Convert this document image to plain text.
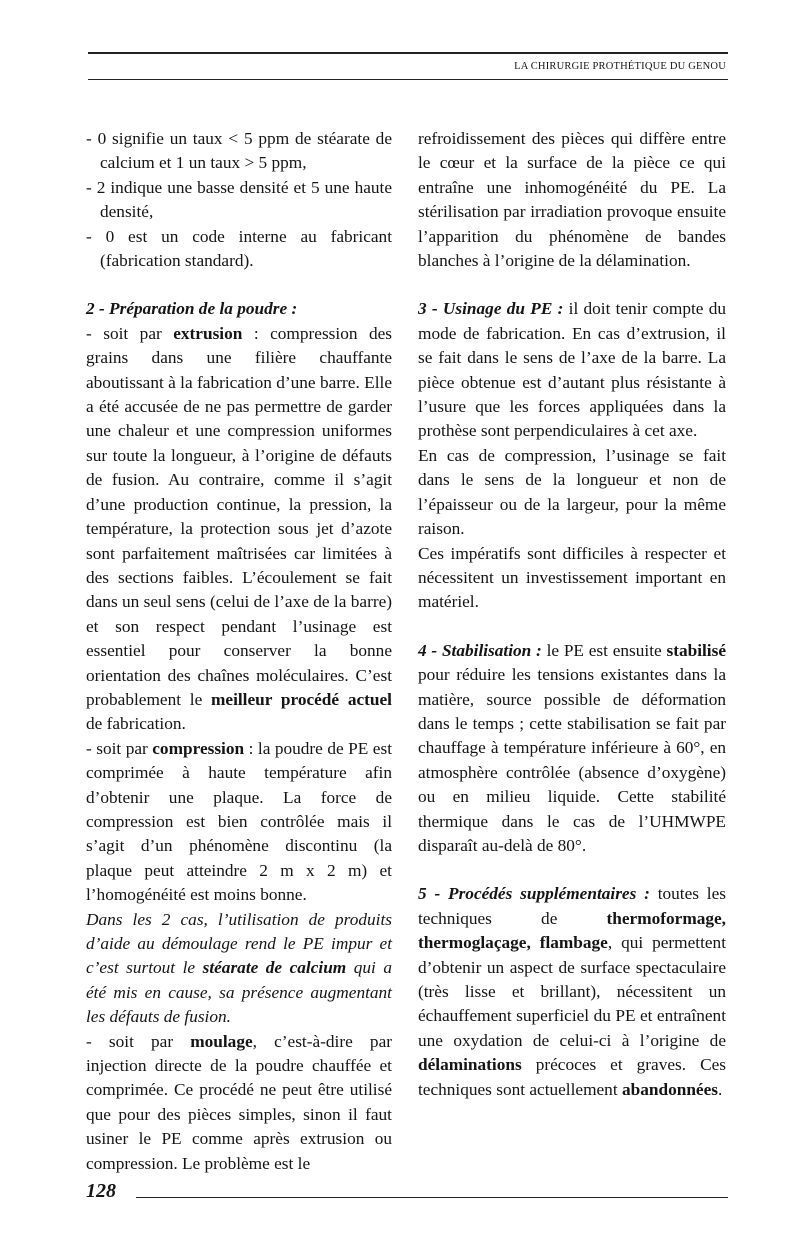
LA CHIRURGIE PROTHÉTIQUE DU GENOU

- 0 signifie un taux < 5 ppm de stéarate de calcium et 1 un taux > 5 ppm,

- 2 indique une basse densité et 5 une haute densité,

- 0 est un code interne au fabricant (fabrication standard).

2 - Préparation de la poudre :

- soit par extrusion : compression des grains dans une filière chauffante aboutissant à la fabrication d’une barre. Elle a été accusée de ne pas permettre de garder une chaleur et une compression uniformes sur toute la longueur, à l’origine de défauts de fusion. Au contraire, comme il s’agit d’une production continue, la pression, la température, la protection sous jet d’azote sont parfaitement maîtrisées car limitées à des sections faibles. L’écoulement se fait dans un seul sens (celui de l’axe de la barre) et son respect pendant l’usinage est essentiel pour conserver la bonne orientation des chaînes moléculaires. C’est probablement le meilleur procédé actuel de fabrication.

- soit par compression : la poudre de PE est comprimée à haute température afin d’obtenir une plaque. La force de compression est bien contrôlée mais il s’agit d’un phénomène discontinu (la plaque peut atteindre 2 m x 2 m) et l’homogénéité est moins bonne.

Dans les 2 cas, l’utilisation de produits d’aide au démoulage rend le PE impur et c’est surtout le stéarate de calcium qui a été mis en cause, sa présence augmentant les défauts de fusion.

- soit par moulage, c’est-à-dire par injection directe de la poudre chauffée et comprimée. Ce procédé ne peut être utilisé que pour des pièces simples, sinon il faut usiner le PE comme après extrusion ou compression. Le problème est le

refroidissement des pièces qui diffère entre le cœur et la surface de la pièce ce qui entraîne une inhomogénéité du PE. La stérilisation par irradiation provoque ensuite l’apparition du phénomène de bandes blanches à l’origine de la délamination.

3 - Usinage du PE : il doit tenir compte du mode de fabrication. En cas d’extrusion, il se fait dans le sens de l’axe de la barre. La pièce obtenue est d’autant plus résistante à l’usure que les forces appliquées dans la prothèse sont perpendiculaires à cet axe.

En cas de compression, l’usinage se fait dans le sens de la longueur et non de l’épaisseur ou de la largeur, pour la même raison.

Ces impératifs sont difficiles à respecter et nécessitent un investissement important en matériel.

4 - Stabilisation : le PE est ensuite stabilisé pour réduire les tensions existantes dans la matière, source possible de déformation dans le temps ; cette stabilisation se fait par chauffage à température inférieure à 60°, en atmosphère contrôlée (absence d’oxygène) ou en milieu liquide. Cette stabilité thermique dans le cas de l’UHMWPE disparaît au-delà de 80°.

5 - Procédés supplémentaires : toutes les techniques de thermoformage, thermoglaçage, flambage, qui permettent d’obtenir un aspect de surface spectaculaire (très lisse et brillant), nécessitent un échauffement superficiel du PE et entraînent une oxydation de celui-ci à l’origine de délaminations précoces et graves. Ces techniques sont actuellement abandonnées.

128
